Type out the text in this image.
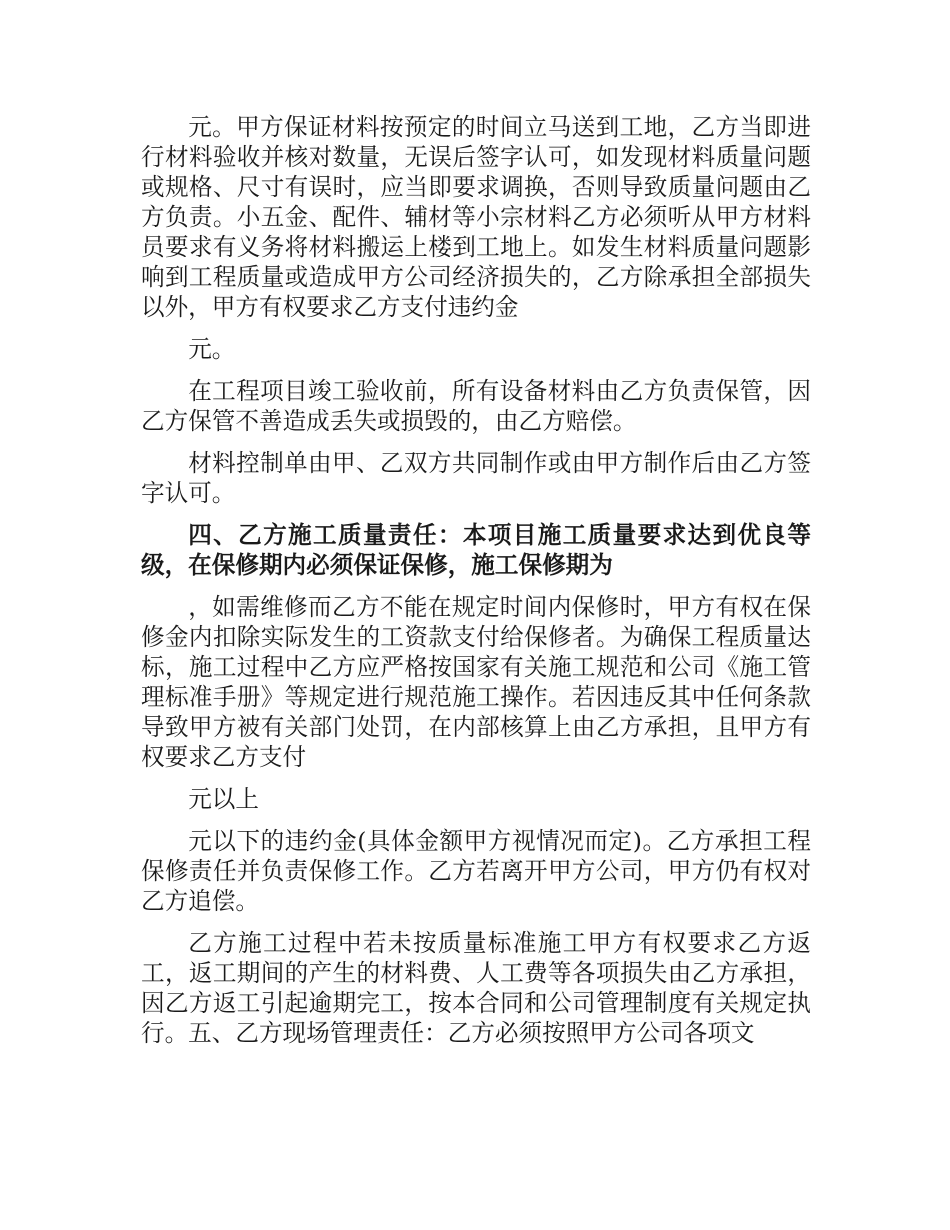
元。甲方保证材料按预定的时间立马送到工地，乙方当即进行材料验收并核对数量，无误后签字认可，如发现材料质量问题或规格、尺寸有误时，应当即要求调换，否则导致质量问题由乙方负责。小五金、配件、辅材等小宗材料乙方必须听从甲方材料员要求有义务将材料搬运上楼到工地上。如发生材料质量问题影响到工程质量或造成甲方公司经济损失的，乙方除承担全部损失以外，甲方有权要求乙方支付违约金

元。

在工程项目竣工验收前，所有设备材料由乙方负责保管，因乙方保管不善造成丢失或损毁的，由乙方赔偿。

材料控制单由甲、乙双方共同制作或由甲方制作后由乙方签字认可。

四、乙方施工质量责任：本项目施工质量要求达到优良等级，在保修期内必须保证保修，施工保修期为

，如需维修而乙方不能在规定时间内保修时，甲方有权在保修金内扣除实际发生的工资款支付给保修者。为确保工程质量达标，施工过程中乙方应严格按国家有关施工规范和公司《施工管理标准手册》等规定进行规范施工操作。若因违反其中任何条款导致甲方被有关部门处罚，在内部核算上由乙方承担，且甲方有权要求乙方支付

元以上

元以下的违约金(具体金额甲方视情况而定)。乙方承担工程保修责任并负责保修工作。乙方若离开甲方公司，甲方仍有权对乙方追偿。

乙方施工过程中若未按质量标准施工甲方有权要求乙方返工，返工期间的产生的材料费、人工费等各项损失由乙方承担，因乙方返工引起逾期完工，按本合同和公司管理制度有关规定执行。五、乙方现场管理责任：乙方必须按照甲方公司各项文
